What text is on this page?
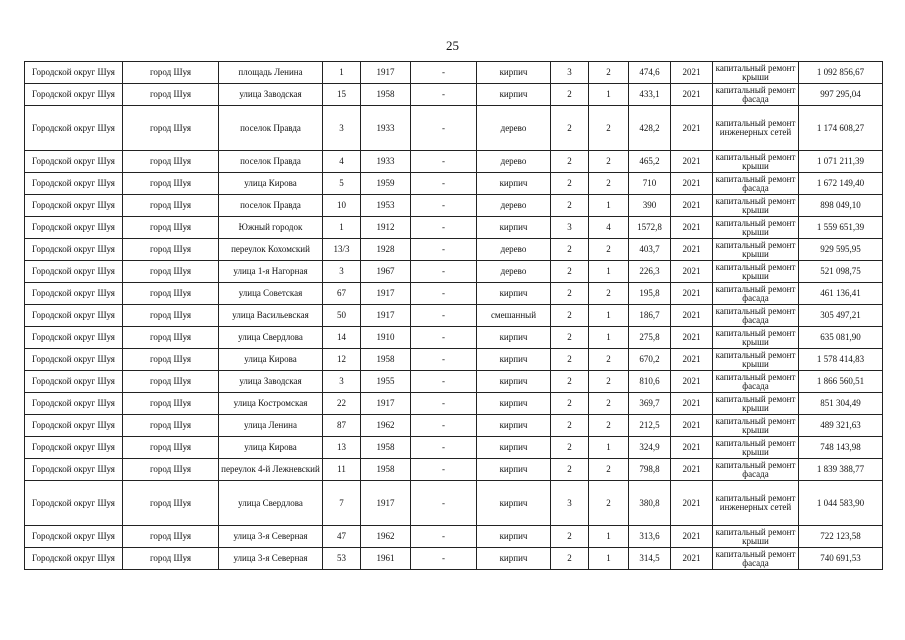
25
Городской округ Шуя	город Шуя	площадь Ленина	1	1917	-	кирпич	3	2	474,6	2021	капитальный ремонт крыши	1 092 856,67
Городской округ Шуя	город Шуя	улица Заводская	15	1958	-	кирпич	2	1	433,1	2021	капитальный ремонт фасада	997 295,04
Городской округ Шуя	город Шуя	поселок Правда	3	1933	-	дерево	2	2	428,2	2021	капитальный ремонт инженерных сетей	1 174 608,27
Городской округ Шуя	город Шуя	поселок Правда	4	1933	-	дерево	2	2	465,2	2021	капитальный ремонт крыши	1 071 211,39
Городской округ Шуя	город Шуя	улица Кирова	5	1959	-	кирпич	2	2	710	2021	капитальный ремонт фасада	1 672 149,40
Городской округ Шуя	город Шуя	поселок Правда	10	1953	-	дерево	2	1	390	2021	капитальный ремонт крыши	898 049,10
Городской округ Шуя	город Шуя	Южный городок	1	1912	-	кирпич	3	4	1572,8	2021	капитальный ремонт крыши	1 559 651,39
Городской округ Шуя	город Шуя	переулок Кохомский	13/3	1928	-	дерево	2	2	403,7	2021	капитальный ремонт крыши	929 595,95
Городской округ Шуя	город Шуя	улица 1-я Нагорная	3	1967	-	дерево	2	1	226,3	2021	капитальный ремонт крыши	521 098,75
Городской округ Шуя	город Шуя	улица Советская	67	1917	-	кирпич	2	2	195,8	2021	капитальный ремонт фасада	461 136,41
Городской округ Шуя	город Шуя	улица Васильевская	50	1917	-	смешанный	2	1	186,7	2021	капитальный ремонт фасада	305 497,21
Городской округ Шуя	город Шуя	улица Свердлова	14	1910	-	кирпич	2	1	275,8	2021	капитальный ремонт крыши	635 081,90
Городской округ Шуя	город Шуя	улица Кирова	12	1958	-	кирпич	2	2	670,2	2021	капитальный ремонт крыши	1 578 414,83
Городской округ Шуя	город Шуя	улица Заводская	3	1955	-	кирпич	2	2	810,6	2021	капитальный ремонт фасада	1 866 560,51
Городской округ Шуя	город Шуя	улица Костромская	22	1917	-	кирпич	2	2	369,7	2021	капитальный ремонт крыши	851 304,49
Городской округ Шуя	город Шуя	улица Ленина	87	1962	-	кирпич	2	2	212,5	2021	капитальный ремонт крыши	489 321,63
Городской округ Шуя	город Шуя	улица Кирова	13	1958	-	кирпич	2	1	324,9	2021	капитальный ремонт крыши	748 143,98
Городской округ Шуя	город Шуя	переулок 4-й Лежневский	11	1958	-	кирпич	2	2	798,8	2021	капитальный ремонт фасада	1 839 388,77
Городской округ Шуя	город Шуя	улица Свердлова	7	1917	-	кирпич	3	2	380,8	2021	капитальный ремонт инженерных сетей	1 044 583,90
Городской округ Шуя	город Шуя	улица 3-я Северная	47	1962	-	кирпич	2	1	313,6	2021	капитальный ремонт крыши	722 123,58
Городской округ Шуя	город Шуя	улица 3-я Северная	53	1961	-	кирпич	2	1	314,5	2021	капитальный ремонт фасада	740 691,53
